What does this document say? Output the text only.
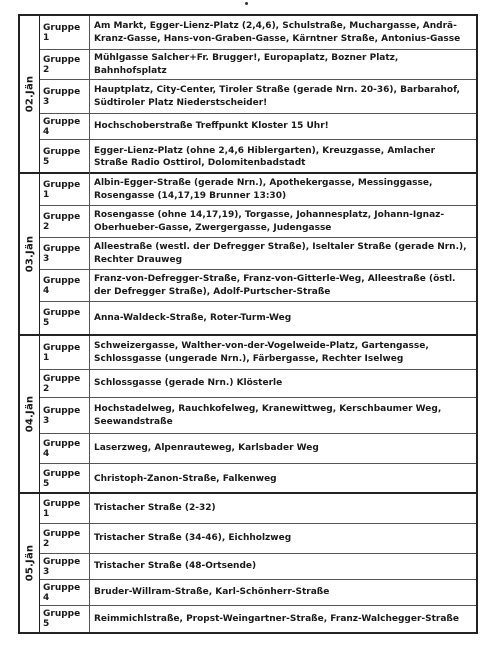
02.Jän
Gruppe 1
Am Markt, Egger-Lienz-Platz (2,4,6), Schulstraße, Muchargasse, Andrä-Kranz-Gasse, Hans-von-Graben-Gasse, Kärntner Straße, Antonius-Gasse
Gruppe 2
Mühlgasse Salcher+Fr. Brugger!, Europaplatz, Bozner Platz, Bahnhofsplatz
Gruppe 3
Hauptplatz, City-Center, Tiroler Straße (gerade Nrn. 20-36), Barbarahof, Südtiroler Platz Niederstscheider!
Gruppe 4
Hochschoberstraße Treffpunkt Kloster 15 Uhr!
Gruppe 5
Egger-Lienz-Platz (ohne 2,4,6 Hiblergarten), Kreuzgasse, Amlacher Straße Radio Osttirol, Dolomitenbadstadt
03.Jän
Gruppe 1
Albin-Egger-Straße (gerade Nrn.), Apothekergasse, Messinggasse, Rosengasse (14,17,19 Brunner 13:30)
Gruppe 2
Rosengasse (ohne 14,17,19), Torgasse, Johannesplatz, Johann-Ignaz-Oberhueber-Gasse, Zwergergasse, Judengasse
Gruppe 3
Alleestraße (westl. der Defregger Straße), Iseltaler Straße (gerade Nrn.), Rechter Drauweg
Gruppe 4
Franz-von-Defregger-Straße, Franz-von-Gitterle-Weg, Alleestraße (östl. der Defregger Straße), Adolf-Purtscher-Straße
Gruppe 5
Anna-Waldeck-Straße, Roter-Turm-Weg
04.Jän
Gruppe 1
Schweizergasse, Walther-von-der-Vogelweide-Platz, Gartengasse, Schlossgasse (ungerade Nrn.), Färbergasse, Rechter Iselweg
Gruppe 2
Schlossgasse (gerade Nrn.) Klösterle
Gruppe 3
Hochstadelweg, Rauchkofelweg, Kranewittweg, Kerschbaumer Weg, Seewandstraße
Gruppe 4
Laserzweg, Alpenrauteweg, Karlsbader Weg
Gruppe 5
Christoph-Zanon-Straße, Falkenweg
05.Jän
Gruppe 1
Tristacher Straße (2-32)
Gruppe 2
Tristacher Straße (34-46), Eichholzweg
Gruppe 3
Tristacher Straße (48-Ortsende)
Gruppe 4
Bruder-Willram-Straße, Karl-Schönherr-Straße
Gruppe 5
Reimmichlstraße, Propst-Weingartner-Straße, Franz-Walchegger-Straße
